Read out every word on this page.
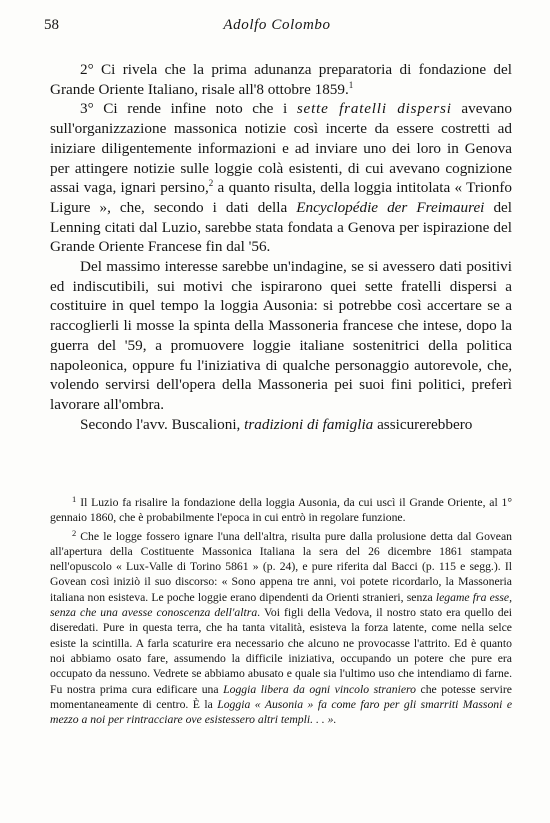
58	Adolfo Colombo

2° Ci rivela che la prima adunanza preparatoria di fondazione del Grande Oriente Italiano, risale all'8 ottobre 1859.$^1$

3° Ci rende infine noto che i sette fratelli dispersi avevano sull'organizzazione massonica notizie così incerte da essere costretti ad iniziare diligentemente informazioni e ad inviare uno dei loro in Genova per attingere notizie sulle loggie colà esistenti, di cui avevano cognizione assai vaga, ignari persino,$^2$ a quanto risulta, della loggia intitolata « Trionfo Ligure », che, secondo i dati della Encyclopédie der Freimaurei del Lenning citati dal Luzio, sarebbe stata fondata a Genova per ispirazione del Grande Oriente Francese fin dal '56.

Del massimo interesse sarebbe un'indagine, se si avessero dati positivi ed indiscutibili, sui motivi che ispirarono quei sette fratelli dispersi a costituire in quel tempo la loggia Ausonia: si potrebbe così accertare se a raccoglierli li mosse la spinta della Massoneria francese che intese, dopo la guerra del '59, a promuovere loggie italiane sostenitrici della politica napoleonica, oppure fu l'iniziativa di qualche personaggio autorevole, che, volendo servirsi dell'opera della Massoneria pei suoi fini politici, preferì lavorare all'ombra.

Secondo l'avv. Buscalioni, tradizioni di famiglia assicurerebbero

$^1$ Il Luzio fa risalire la fondazione della loggia Ausonia, da cui uscì il Grande Oriente, al 1° gennaio 1860, che è probabilmente l'epoca in cui entrò in regolare funzione.

$^2$ Che le logge fossero ignare l'una dell'altra, risulta pure dalla prolusione detta dal Govean all'apertura della Costituente Massonica Italiana la sera del 26 dicembre 1861 stampata nell'opuscolo « Lux-Valle di Torino 5861 » (p. 24), e pure riferita dal Bacci (p. 115 e segg.). Il Govean così iniziò il suo discorso: « Sono appena tre anni, voi potete ricordarlo, la Massoneria italiana non esisteva. Le poche loggie erano dipendenti da Orienti stranieri, senza legame fra esse, senza che una avesse conoscenza dell'altra. Voi figli della Vedova, il nostro stato era quello dei diseredati. Pure in questa terra, che ha tanta vitalità, esisteva la forza latente, come nella selce esiste la scintilla. A farla scaturire era necessario che alcuno ne provocasse l'attrito. Ed è quanto noi abbiamo osato fare, assumendo la difficile iniziativa, occupando un potere che pure era occupato da nessuno. Vedrete se abbiamo abusato e quale sia l'ultimo uso che intendiamo di farne. Fu nostra prima cura edificare una Loggia libera da ogni vincolo straniero che potesse servire momentaneamente di centro. È la Loggia « Ausonia » fa come faro per gli smarriti Massoni e mezzo a noi per rintracciare ove esistessero altri templi. . . ».
